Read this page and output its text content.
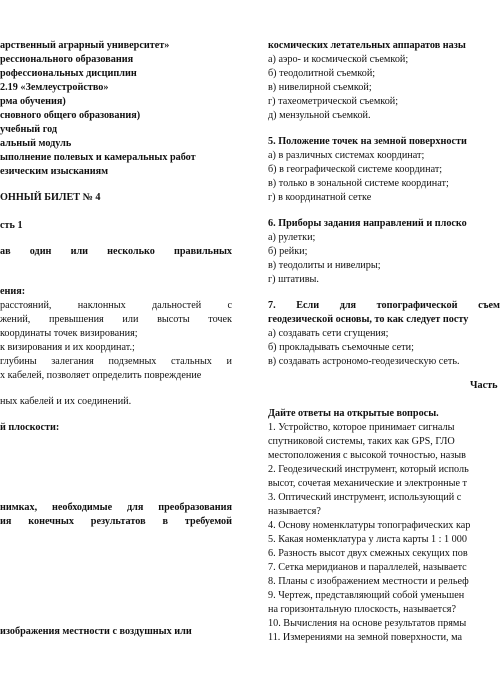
арственный аграрный университет»
рессионального образования
рофессиональных дисциплин
2.19 «Землеустройство»
рма обучения)
сновного общего образования)
учебный год
альный модуль
ыполнение полевых и камеральных работ
езическим изысканиям
ОННЫЙ БИЛЕТ № 4
сть 1
ав один или несколько правильных
ения:
расстояний, наклонных дальностей с
жений, превышения или высоты точек
координаты точек визирования;
к визирования и их координат.;
глубины залегания подземных стальных и
х кабелей, позволяет определить повреждение
ных кабелей и их соединений.
й плоскости:
нимках, необходимые для преобразования
ия конечных результатов в требуемой
изображения местности с воздушных или
космических летательных аппаратов назы
а) аэро- и космической съемкой;
б) теодолитной съемкой;
в) нивелирной съемкой;
г) тахеометрической съемкой;
д) мензульной съемкой.
5. Положение точек на земной поверхности
а) в различных системах координат;
б) в географической системе координат;
в) только в зональной системе координат;
г) в координатной сетке
6. Приборы задания направлений и плоско
а) рулетки;
б) рейки;
в) теодолиты и нивелиры;
г) штативы.
7. Если для топографической съем
геодезической основы, то как следует посту
а) создавать сети сгущения;
б) прокладывать съемочные сети;
в) создавать астрономо-геодезическую сеть.
Часть
Дайте ответы на открытые вопросы.
1. Устройство, которое принимает сигналы
спутниковой системы, таких как GPS, ГЛО
местоположения с высокой точностью, назыв
2. Геодезический инструмент, который исполь
высот, сочетая механические и электронные т
3. Оптический инструмент, использующий с
называется?
4. Основу номенклатуры топографических кар
5. Какая номенклатура у листа карты 1 : 1 000
6. Разность высот двух смежных секущих пов
7. Сетка меридианов и параллелей, называетс
8. Планы с изображением местности и рельеф
9. Чертеж, представляющий собой уменьшен
на горизонтальную плоскость, называется?
10. Вычисления на основе результатов прямы
11. Измерениями на земной поверхности, ма
